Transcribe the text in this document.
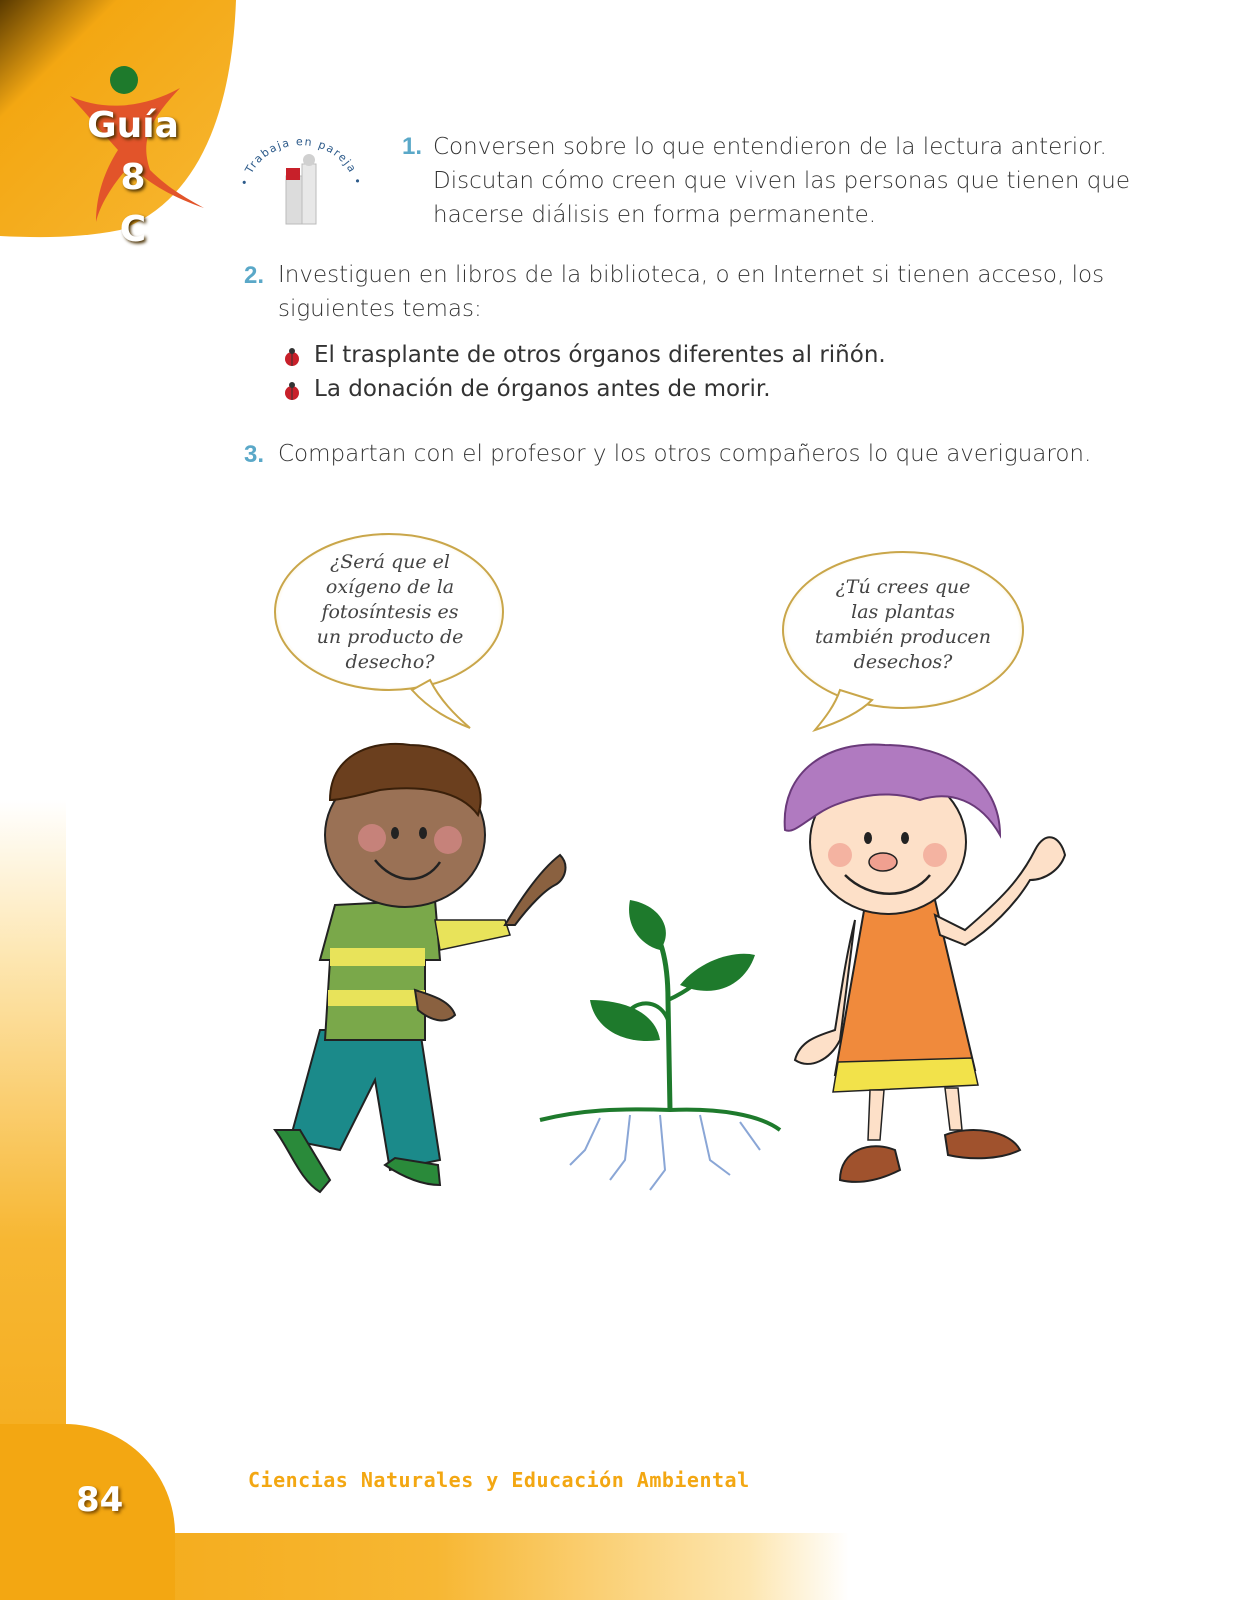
84	Ciencias Naturales y Educación Ambiental
Guía 8
C
• Trabaja en pareja •
1. Conversen sobre lo que entendieron de la lectura anterior.
Discutan cómo creen que viven las personas que tienen que
hacerse diálisis en forma permanente.
2. Investiguen en libros de la biblioteca, o en Internet si tienen acceso, los
siguientes temas:
El trasplante de otros órganos diferentes al riñón.
La donación de órganos antes de morir.
3. Compartan con el profesor y los otros compañeros lo que averiguaron.
¿Será que el
oxígeno de la
fotosíntesis es
un producto de
desecho?
¿Tú crees que
las plantas
también producen
desechos?
